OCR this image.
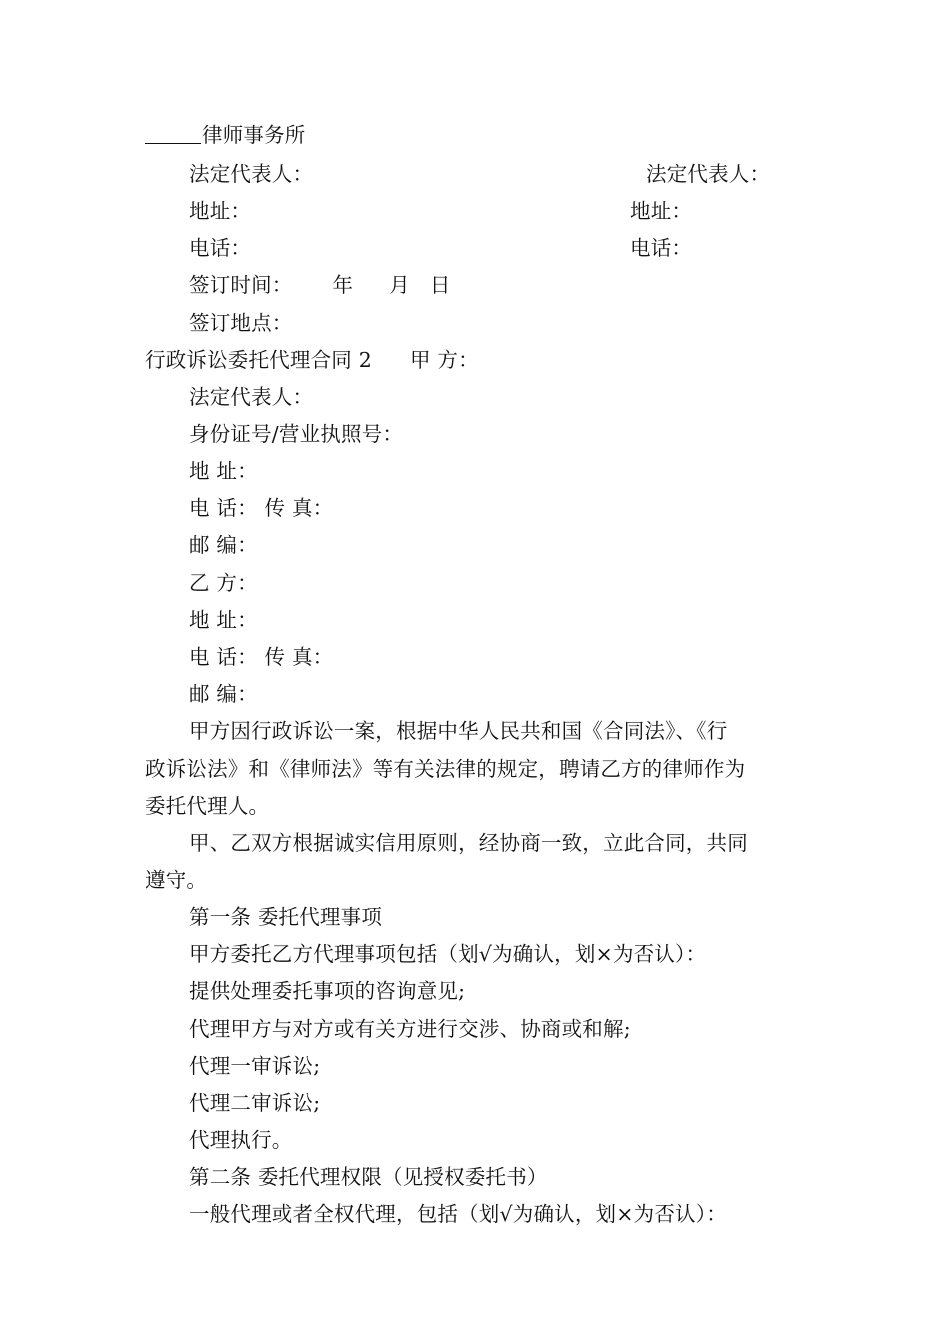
律师事务所
法定代表人：	法定代表人：
地址：	地址：
电话：	电话：
签订时间： 年 月 日
签订地点：
行政诉讼委托代理合同 2 甲 方：
法定代表人：
身份证号/营业执照号：
地 址：
电 话： 传 真：
邮 编：
乙 方：
地 址：
电 话： 传 真：
邮 编：
甲方因行政诉讼一案，根据中华人民共和国《合同法》、《行
政诉讼法》和《律师法》等有关法律的规定，聘请乙方的律师作为
委托代理人。
甲、乙双方根据诚实信用原则，经协商一致，立此合同，共同
遵守。
第一条 委托代理事项
甲方委托乙方代理事项包括（划√为确认，划×为否认）：
提供处理委托事项的咨询意见;
代理甲方与对方或有关方进行交涉、协商或和解;
代理一审诉讼;
代理二审诉讼;
代理执行。
第二条 委托代理权限（见授权委托书）
一般代理或者全权代理，包括（划√为确认，划×为否认）：
